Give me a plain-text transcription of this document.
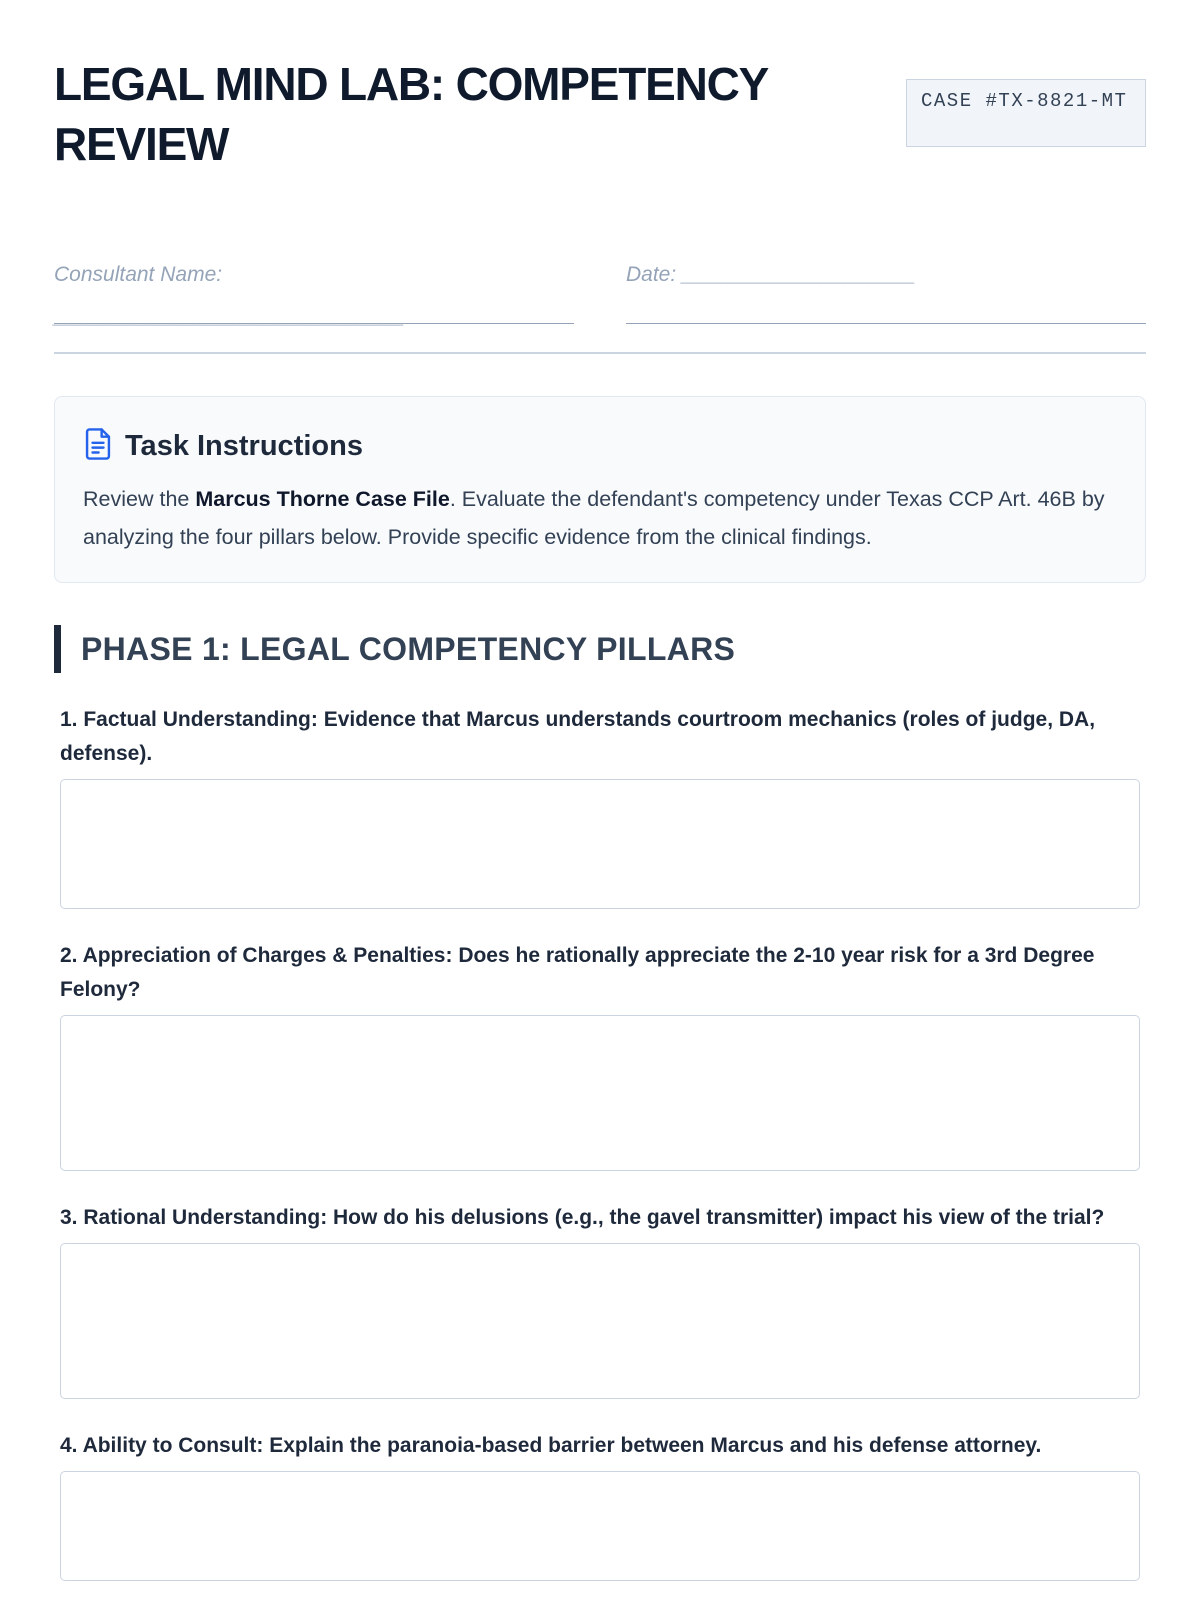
LEGAL MIND LAB: COMPETENCY REVIEW
CASE #TX-8821-MT
Consultant Name: ______________________________
Date: ____________________
Task Instructions

Review the Marcus Thorne Case File. Evaluate the defendant's competency under Texas CCP Art. 46B by analyzing the four pillars below. Provide specific evidence from the clinical findings.

PHASE 1: LEGAL COMPETENCY PILLARS
1. Factual Understanding: Evidence that Marcus understands courtroom mechanics (roles of judge, DA, defense).
2. Appreciation of Charges & Penalties: Does he rationally appreciate the 2-10 year risk for a 3rd Degree Felony?
3. Rational Understanding: How do his delusions (e.g., the gavel transmitter) impact his view of the trial?
4. Ability to Consult: Explain the paranoia-based barrier between Marcus and his defense attorney.
